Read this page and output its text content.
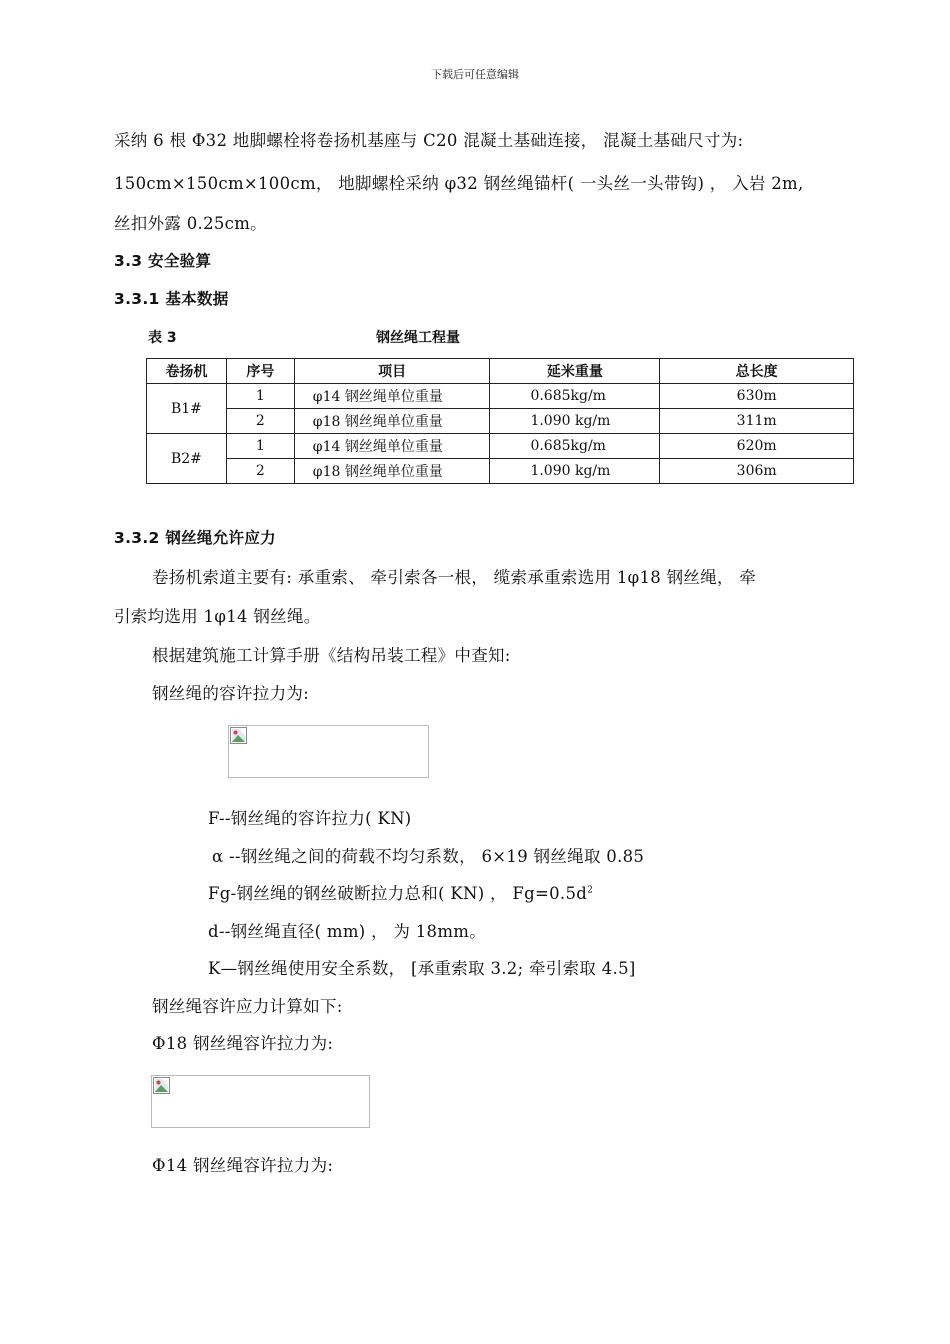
下载后可任意编辑
采纳 6 根 Φ32 地脚螺栓将卷扬机基座与 C20 混凝土基础连接， 混凝土基础尺寸为:
150cm×150cm×100cm， 地脚螺栓采纳 φ32 钢丝绳锚杆( 一头丝一头带钩) ， 入岩 2m,
丝扣外露 0.25cm。
3.3 安全验算
3.3.1 基本数据
表 3	钢丝绳工程量
卷扬机	序号	项目	延米重量	总长度
B1#	1	φ14 钢丝绳单位重量	0.685kg/m	630m
	2	φ18 钢丝绳单位重量	1.090 kg/m	311m
B2#	1	φ14 钢丝绳单位重量	0.685kg/m	620m
	2	φ18 钢丝绳单位重量	1.090 kg/m	306m
3.3.2 钢丝绳允许应力
卷扬机索道主要有: 承重索、 牵引索各一根， 缆索承重索选用 1φ18 钢丝绳， 牵
引索均选用 1φ14 钢丝绳。
根据建筑施工计算手册《结构吊装工程》中查知:
钢丝绳的容许拉力为:
F--钢丝绳的容许拉力( KN)
α --钢丝绳之间的荷载不均匀系数， 6×19 钢丝绳取 0.85
Fg-钢丝绳的钢丝破断拉力总和( KN) ， $Fg=0.5d^2$
d--钢丝绳直径( mm) ， 为 18mm。
K—钢丝绳使用安全系数， [承重索取 3.2; 牵引索取 4.5]
钢丝绳容许应力计算如下:
Φ18 钢丝绳容许拉力为:
Φ14 钢丝绳容许拉力为:
